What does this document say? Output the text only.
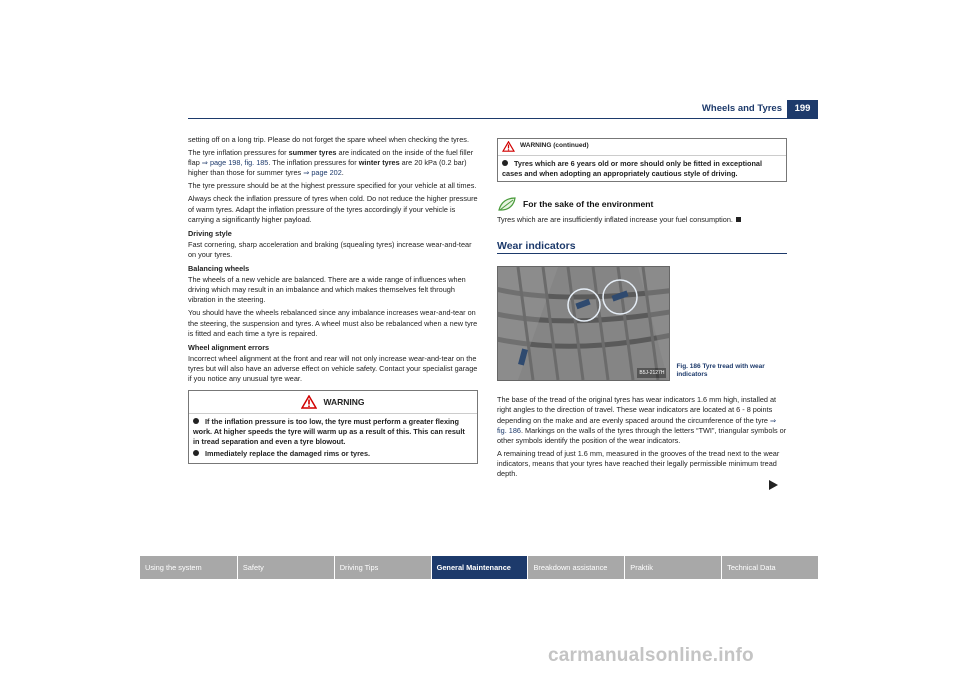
Wheels and Tyres	199

setting off on a long trip. Please do not forget the spare wheel when checking the tyres.

The tyre inflation pressures for summer tyres are indicated on the inside of the fuel filler flap ⇒ page 198, fig. 185. The inflation pressures for winter tyres are 20 kPa (0.2 bar) higher than those for summer tyres ⇒ page 202.

The tyre pressure should be at the highest pressure specified for your vehicle at all times.

Always check the inflation pressure of tyres when cold. Do not reduce the higher pressure of warm tyres. Adapt the inflation pressure of the tyres accordingly if your vehicle is carrying a significantly higher payload.

Driving style

Fast cornering, sharp acceleration and braking (squealing tyres) increase wear-and-tear on your tyres.

Balancing wheels

The wheels of a new vehicle are balanced. There are a wide range of influences when driving which may result in an imbalance and which makes themselves felt through vibration in the steering.

You should have the wheels rebalanced since any imbalance increases wear-and-tear on the steering, the suspension and tyres. A wheel must also be rebalanced when a new tyre is fitted and each time a tyre is repaired.

Wheel alignment errors

Incorrect wheel alignment at the front and rear will not only increase wear-and-tear on the tyres but will also have an adverse effect on vehicle safety. Contact your specialist garage if you notice any unusual tyre wear.

WARNING
If the inflation pressure is too low, the tyre must perform a greater flexing work. At higher speeds the tyre will warm up as a result of this. This can result in tread separation and even a tyre blowout.
Immediately replace the damaged rims or tyres.
WARNING (continued)
Tyres which are 6 years old or more should only be fitted in exceptional cases and when adopting an appropriately cautious style of driving.
For the sake of the environment

Tyres which are are insufficiently inflated increase your fuel consumption.

Wear indicators
B5J-2127H
Fig. 186 Tyre tread with wear indicators

The base of the tread of the original tyres has wear indicators 1.6 mm high, installed at right angles to the direction of travel. These wear indicators are located at 6 - 8 points depending on the make and are evenly spaced around the circumference of the tyre ⇒ fig. 186. Markings on the walls of the tyres through the letters “TWI”, triangular symbols or other symbols identify the position of the wear indicators.

A remaining tread of just 1.6 mm, measured in the grooves of the tread next to the wear indicators, means that your tyres have reached their legally permissible minimum tread depth.

Using the system	Safety	Driving Tips	General Maintenance	Breakdown assistance	Praktik	Technical Data
carmanualsonline.info
